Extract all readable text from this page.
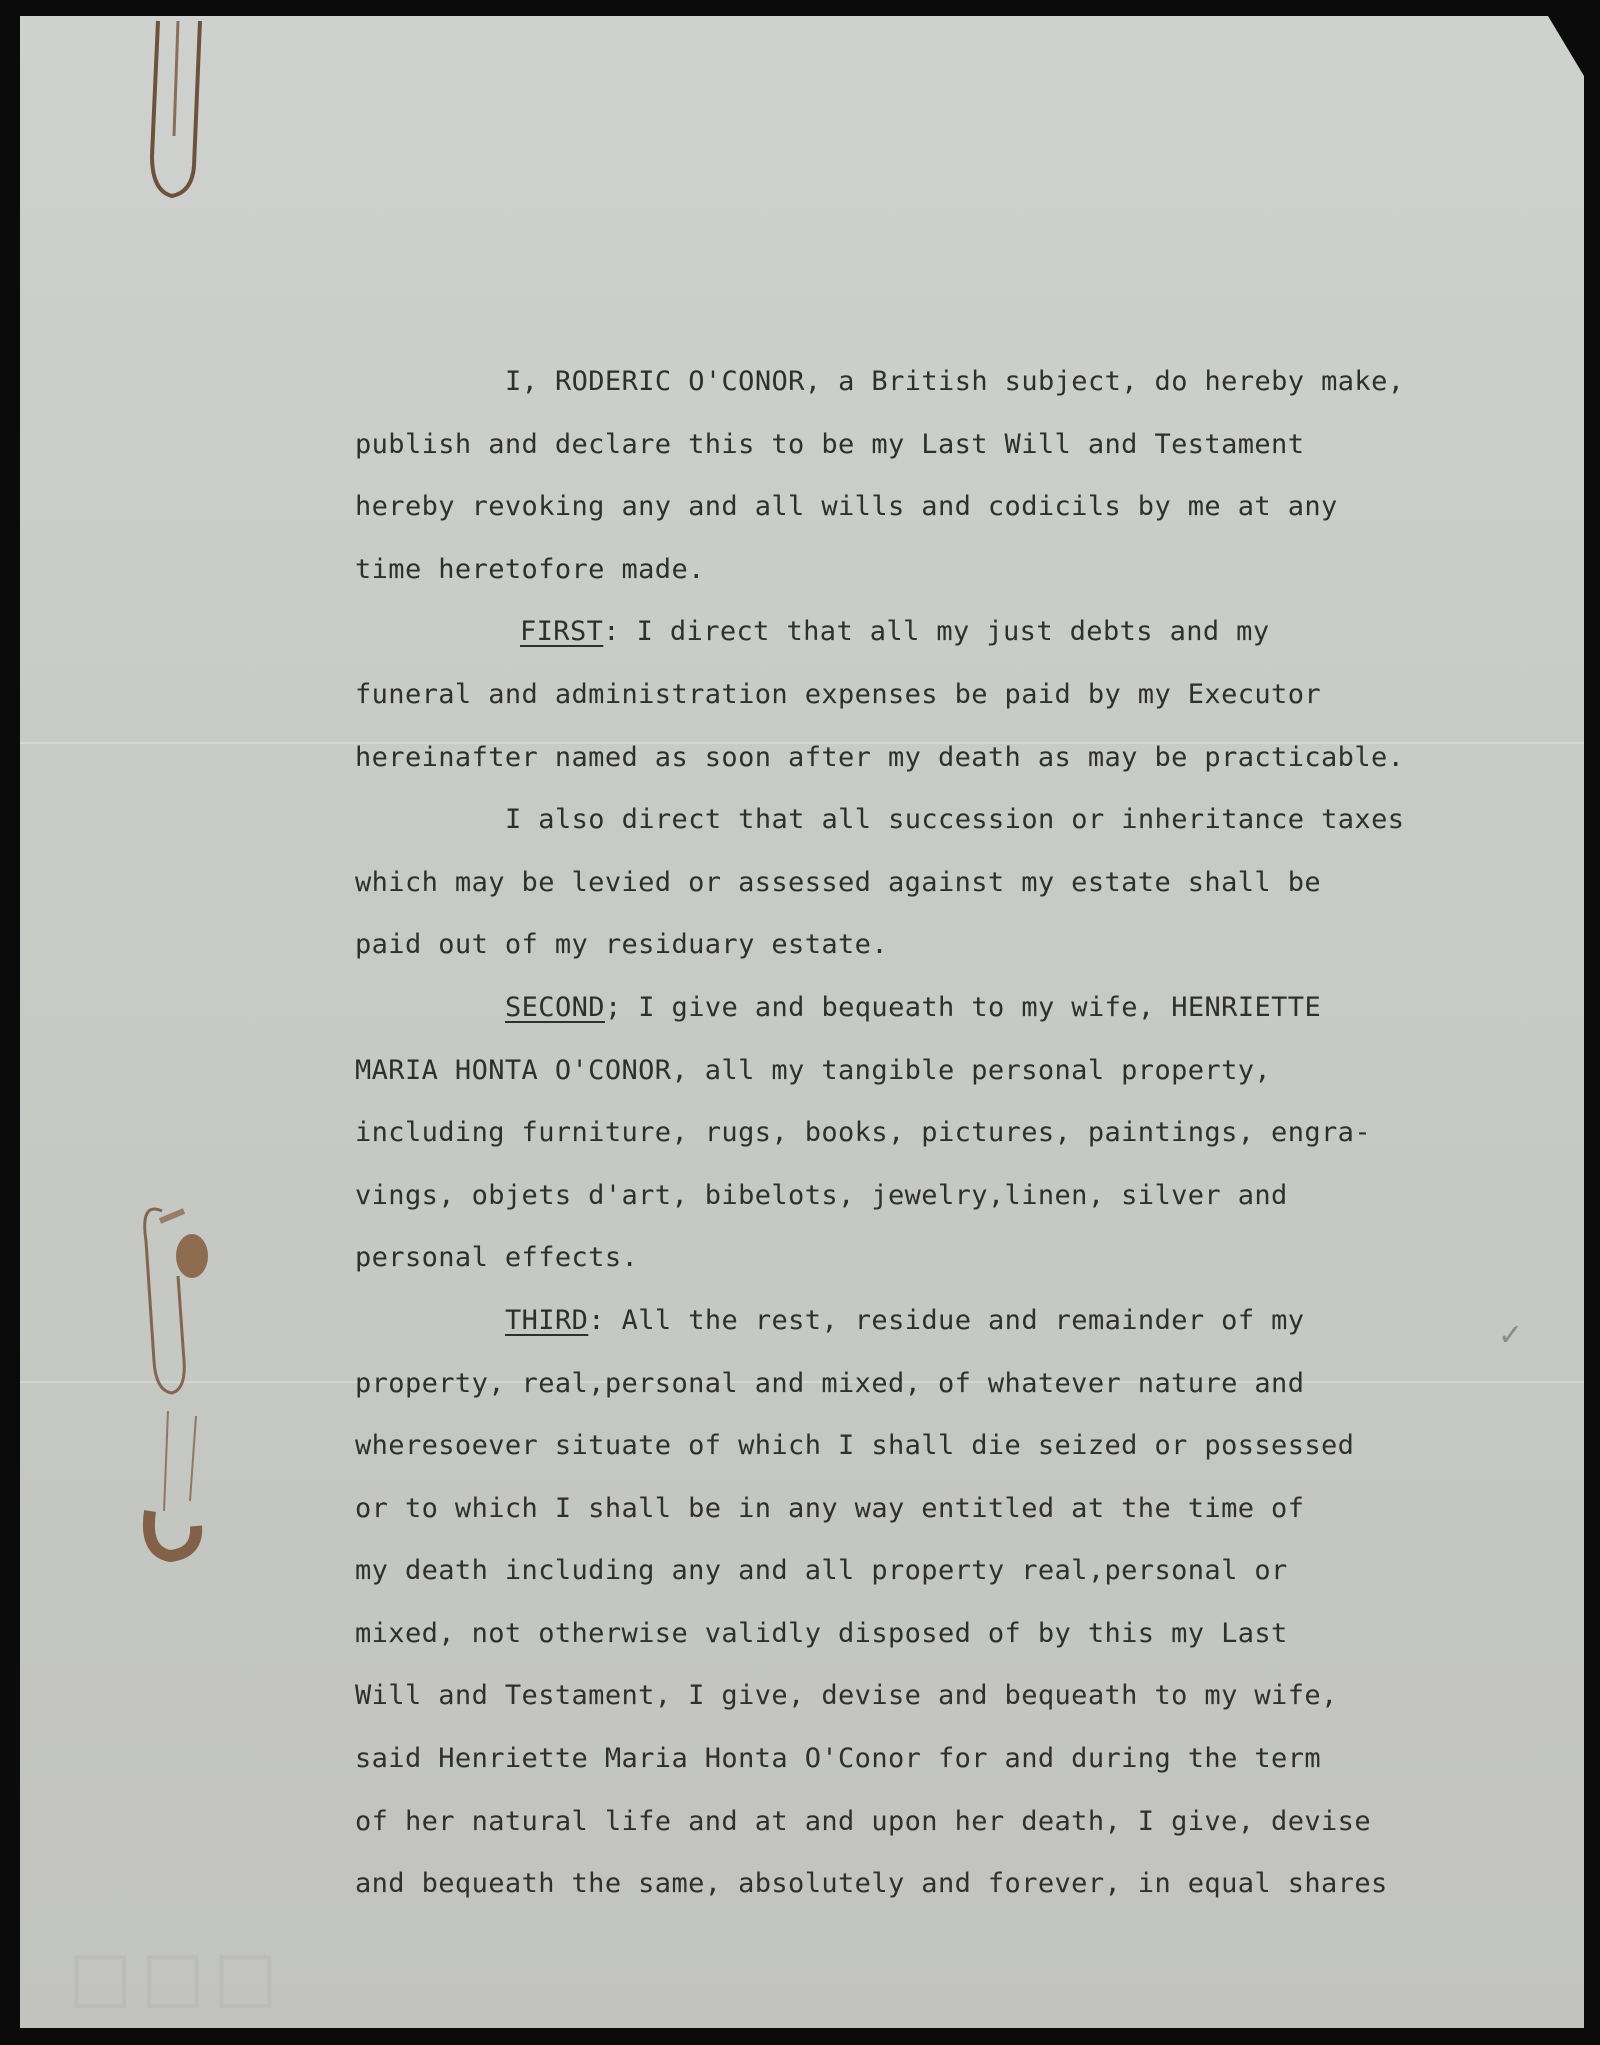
✓
☐☐☐
I, RODERIC O'CONOR, a British subject, do hereby make,
publish and declare this to be my Last Will and Testament
hereby revoking any and all wills and codicils by me at any
time heretofore made.
FIRST: I direct that all my just debts and my
funeral and administration expenses be paid by my Executor
hereinafter named as soon after my death as may be practicable.
I also direct that all succession or inheritance taxes
which may be levied or assessed against my estate shall be
paid out of my residuary estate.
SECOND; I give and bequeath to my wife, HENRIETTE
MARIA HONTA O'CONOR, all my tangible personal property,
including furniture, rugs, books, pictures, paintings, engra-
vings, objets d'art, bibelots, jewelry,linen, silver and
personal effects.
THIRD: All the rest, residue and remainder of my
property, real,personal and mixed, of whatever nature and
wheresoever situate of which I shall die seized or possessed
or to which I shall be in any way entitled at the time of
my death including any and all property real,personal or
mixed, not otherwise validly disposed of by this my Last
Will and Testament, I give, devise and bequeath to my wife,
said Henriette Maria Honta O'Conor for and during the term
of her natural life and at and upon her death, I give, devise
and bequeath the same, absolutely and forever, in equal shares
